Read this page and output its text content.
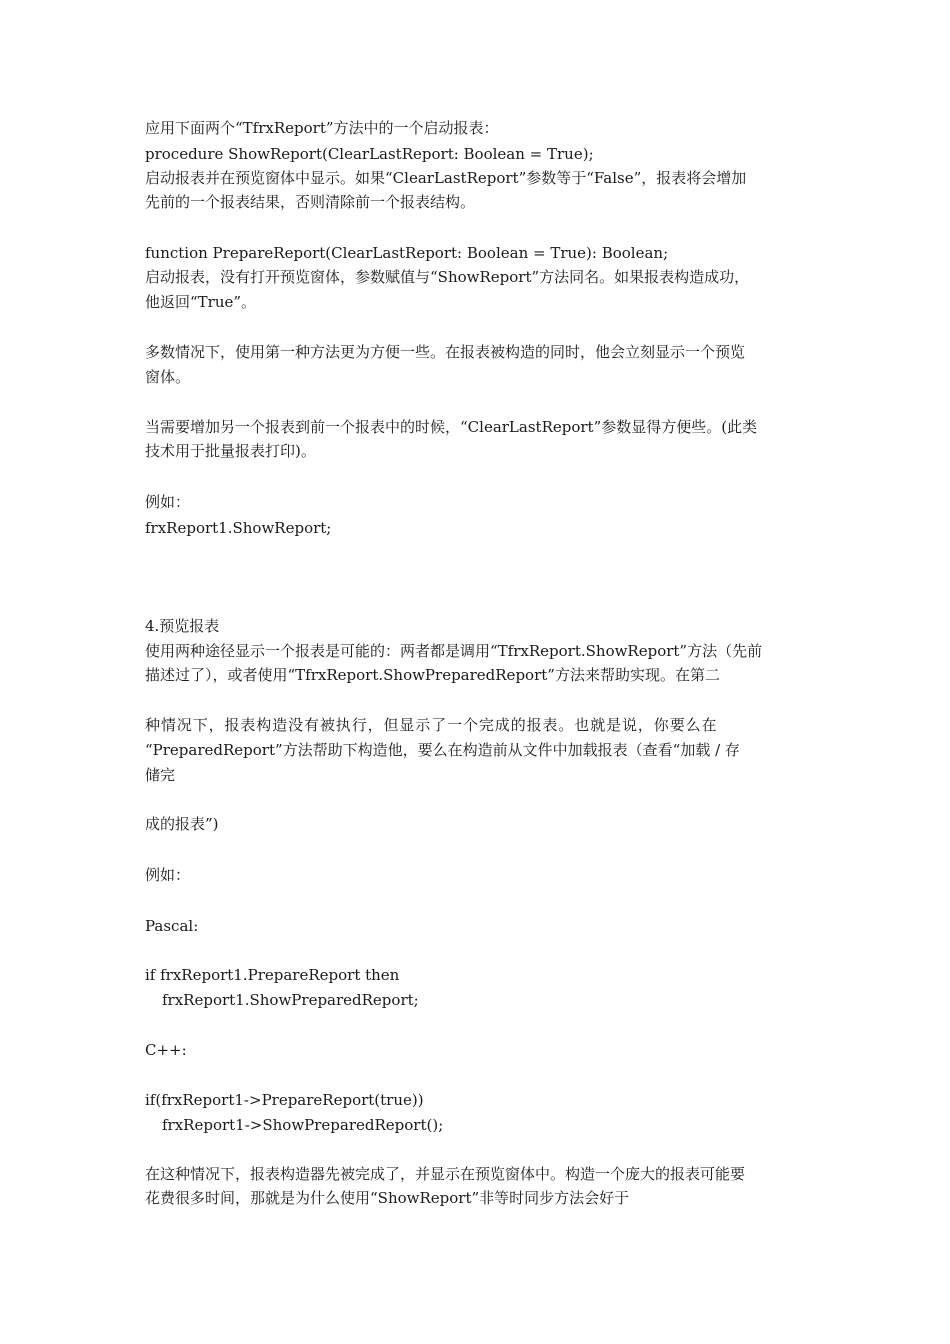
应用下面两个“TfrxReport”方法中的一个启动报表：
procedure ShowReport(ClearLastReport: Boolean = True);
启动报表并在预览窗体中显示。如果“ClearLastReport”参数等于“False”，报表将会增加
先前的一个报表结果，否则清除前一个报表结构。
function PrepareReport(ClearLastReport: Boolean = True): Boolean;
启动报表，没有打开预览窗体，参数赋值与“ShowReport”方法同名。如果报表构造成功，
他返回“True”。
多数情况下，使用第一种方法更为方便一些。在报表被构造的同时，他会立刻显示一个预览
窗体。
当需要增加另一个报表到前一个报表中的时候，“ClearLastReport”参数显得方便些。(此类
技术用于批量报表打印)。
例如：
frxReport1.ShowReport;
4.预览报表
使用两种途径显示一个报表是可能的：两者都是调用“TfrxReport.ShowReport”方法（先前
描述过了），或者使用“TfrxReport.ShowPreparedReport”方法来帮助实现。在第二
种情况下，报表构造没有被执行，但显示了一个完成的报表。也就是说，你要么在
“PreparedReport”方法帮助下构造他，要么在构造前从文件中加载报表（查看“加载 / 存
储完
成的报表”)
例如：
Pascal:
if frxReport1.PrepareReport then
frxReport1.ShowPreparedReport;
C++:
if(frxReport1->PrepareReport(true))
frxReport1->ShowPreparedReport();
在这种情况下，报表构造器先被完成了，并显示在预览窗体中。构造一个庞大的报表可能要
花费很多时间，那就是为什么使用“ShowReport”非等时同步方法会好于
